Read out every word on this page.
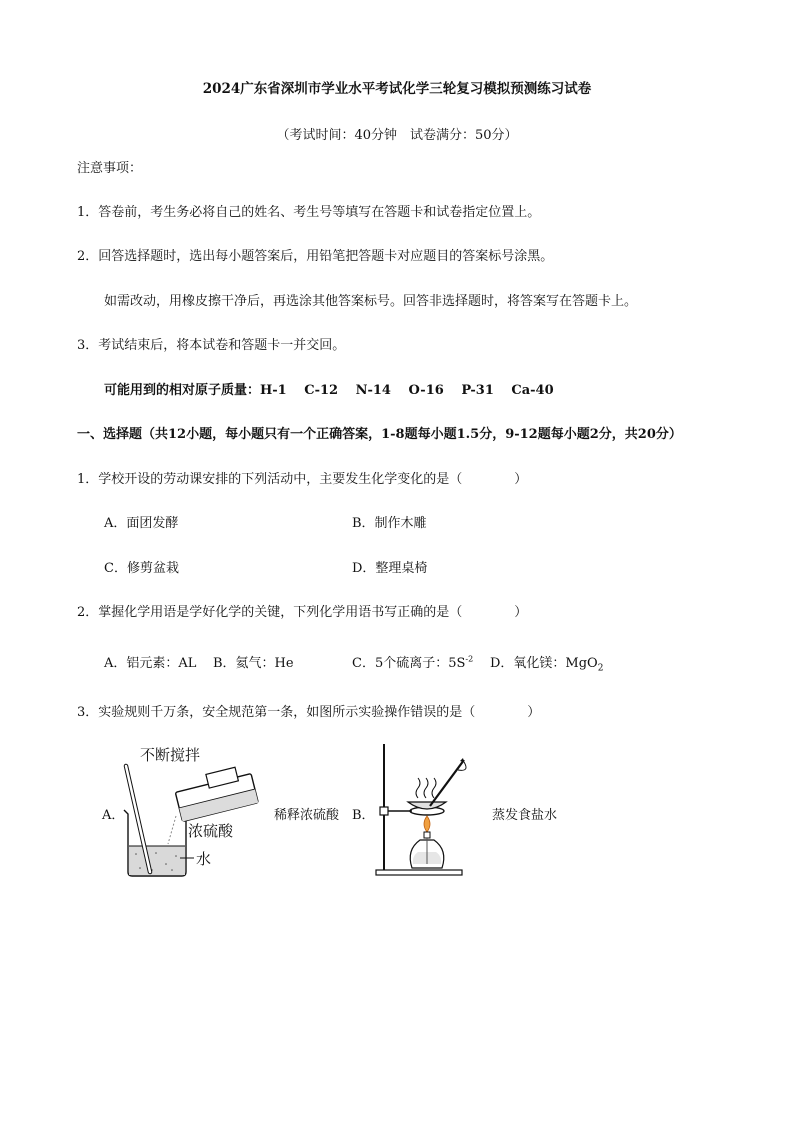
2024广东省深圳市学业水平考试化学三轮复习模拟预测练习试卷
（考试时间：40分钟　试卷满分：50分）
注意事项：
1．答卷前，考生务必将自己的姓名、考生号等填写在答题卡和试卷指定位置上。
2．回答选择题时，选出每小题答案后，用铅笔把答题卡对应题目的答案标号涂黑。
如需改动，用橡皮擦干净后，再选涂其他答案标号。回答非选择题时，将答案写在答题卡上。
3．考试结束后，将本试卷和答题卡一并交回。
可能用到的相对原子质量：H-1　 C-12　 N-14　 O-16　 P-31　 Ca-40
一、选择题（共12小题，每小题只有一个正确答案，1-8题每小题1.5分，9-12题每小题2分，共20分）
1．学校开设的劳动课安排的下列活动中，主要发生化学变化的是（　　　　）
A．面团发酵	B．制作木雕
C．修剪盆栽	D．整理桌椅
2．掌握化学用语是学好化学的关键，下列化学用语书写正确的是（　　　　）
A．铝元素：AL B．氦气：He	C．5个硫离子：$5S^{-2}$ D．氧化镁：MgO$_2$
3．实验规则千万条，安全规范第一条，如图所示实验操作错误的是（　　　　）
A．	稀释浓硫酸 B．	蒸发食盐水
不断搅拌
浓硫酸
水
